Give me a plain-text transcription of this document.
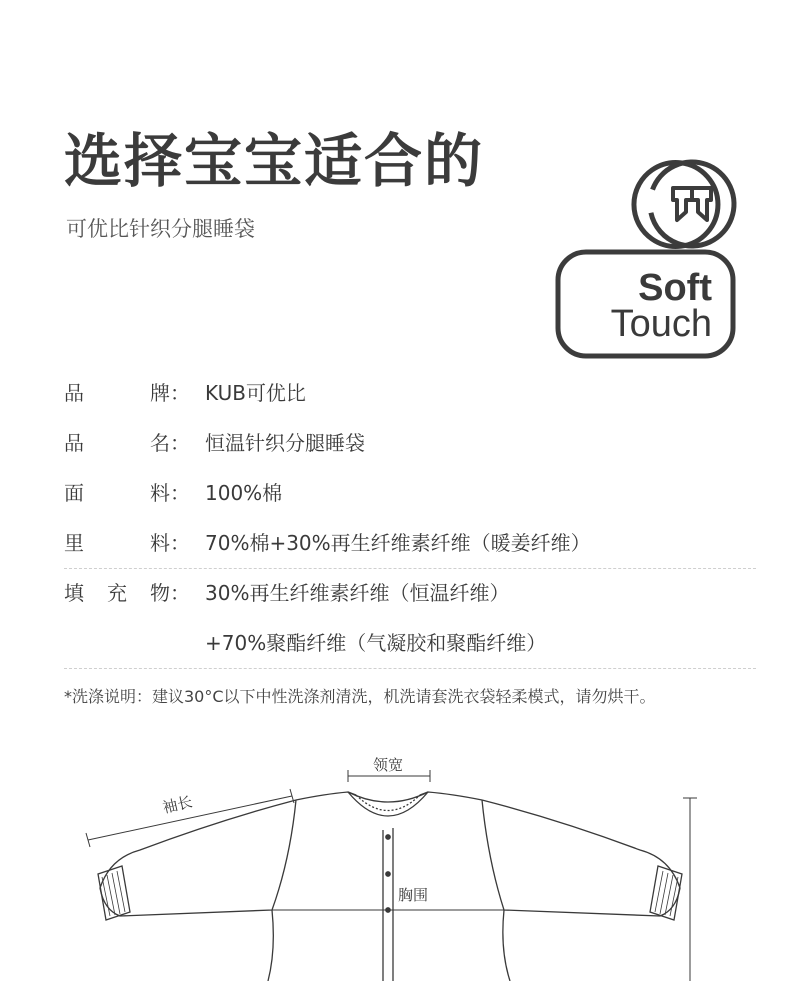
选择宝宝适合的

可优比针织分腿睡袋

Soft
Touch
品	牌： KUB可优比
品	名： 恒温针织分腿睡袋
面	料： 100%棉
里	料： 70%棉+30%再生纤维素纤维（暖姜纤维）
填 充 物： 30%再生纤维素纤维（恒温纤维）
+70%聚酯纤维（气凝胶和聚酯纤维）

*洗涤说明：建议30°C以下中性洗涤剂清洗，机洗请套洗衣袋轻柔模式，请勿烘干。

领宽
袖长
胸围
